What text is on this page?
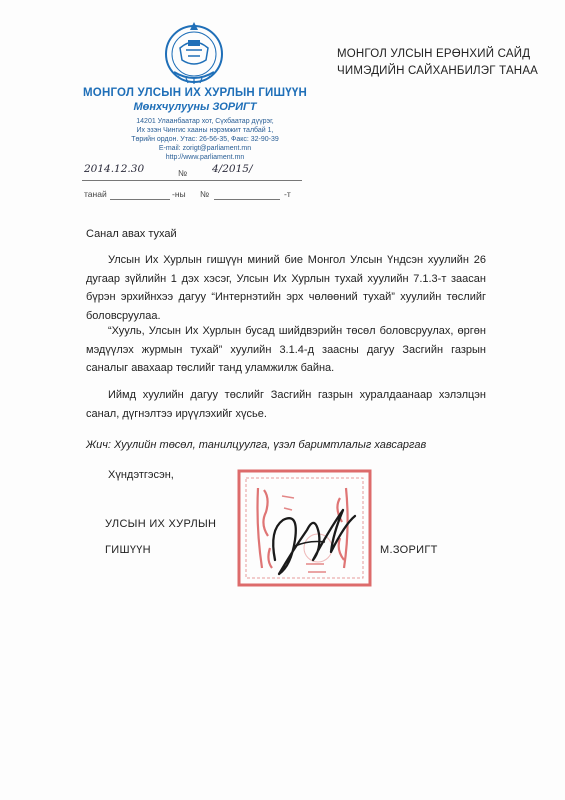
МОНГОЛ УЛСЫН ИХ ХУРЛЫН ГИШҮҮН
Мөнхчулууны ЗОРИГТ
14201 Улаанбаатар хот, Сүхбаатар дүүрэг,
Их эзэн Чингис хааны нэрэмжит талбай 1,
Төрийн ордон. Утас: 26-56-35, Факс: 32-90-39
E-mail: zorigt@parliament.mn
http://www.parliament.mn
2014.12.30	№ 4/2015/
танай	-ны №	-т
МОНГОЛ УЛСЫН ЕРӨНХИЙ САЙД
ЧИМЭДИЙН САЙХАНБИЛЭГ ТАНАА
Санал авах тухай
Улсын Их Хурлын гишүүн миний бие Монгол Улсын Үндсэн хуулийн 26 дугаар зүйлийн 1 дэх хэсэг, Улсын Их Хурлын тухай хуулийн 7.1.3-т заасан бүрэн эрхийнхээ дагуу “Интернэтийн эрх чөлөөний тухай” хуулийн төслийг боловсруулаа.
“Хууль, Улсын Их Хурлын бусад шийдвэрийн төсөл боловсруулах, өргөн мэдүүлэх журмын тухай” хуулийн 3.1.4-д заасны дагуу Засгийн газрын саналыг авахаар төслийг танд уламжилж байна.
Иймд хуулийн дагуу төслийг Засгийн газрын хуралдаанаар хэлэлцэн санал, дүгнэлтээ ирүүлэхийг хүсье.
Жич: Хуулийн төсөл, танилцуулга, үзэл баримтлалыг хавсаргав
Хүндэтгэсэн,
УЛСЫН ИХ ХУРЛЫН
ГИШҮҮН	М.ЗОРИГТ
